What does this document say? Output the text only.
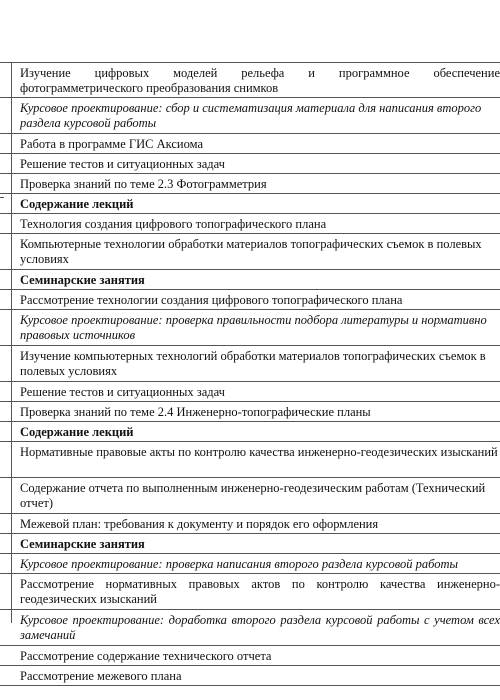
Изучение цифровых моделей рельефа и программное обеспечение фотограмметрического преобразования снимков
Курсовое проектирование: сбор и систематизация материала для написания второго раздела курсовой работы
Работа в программе ГИС Аксиома
Решение тестов и ситуационных задач
Проверка знаний по теме 2.3 Фотограмметрия
Содержание лекций
Технология создания цифрового топографического плана
Компьютерные технологии обработки материалов топографических съемок в полевых условиях
Семинарские занятия
Рассмотрение технологии создания цифрового топографического плана
Курсовое проектирование: проверка правильности подбора литературы и нормативно правовых источников
Изучение компьютерных технологий обработки материалов топографических съемок в полевых условиях
Решение тестов и ситуационных задач
Проверка знаний по теме 2.4 Инженерно-топографические планы
Содержание лекций
Нормативные правовые акты по контролю качества инженерно-геодезических изысканий
Содержание отчета по выполненным инженерно-геодезическим работам (Технический отчет)
Межевой план: требования к документу и порядок его оформления
Семинарские занятия
Курсовое проектирование: проверка написания второго раздела курсовой работы
Рассмотрение нормативных правовых актов по контролю качества инженерно-геодезических изысканий
Курсовое проектирование: доработка второго раздела курсовой работы с учетом всех замечаний
Рассмотрение содержание технического отчета
Рассмотрение межевого плана
